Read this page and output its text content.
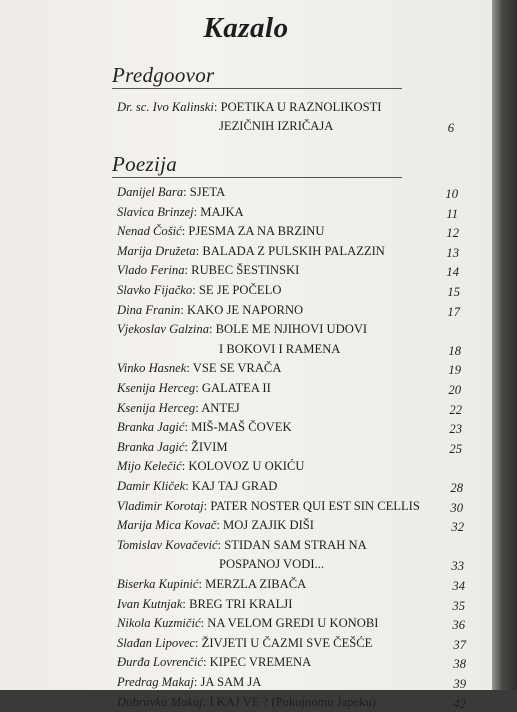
Kazalo
Predgoovor
Dr. sc. Ivo Kalinski: POETIKA U RAZNOLIKOSTI
JEZIČNIH IZRIČAJA	6
Poezija
Danijel Bara: SJETA	10
Slavica Brinzej: MAJKA	11
Nenad Čošić: PJESMA ZA NA BRZINU	12
Marija Družeta: BALADA Z PULSKIH PALAZZIN	13
Vlado Ferina: RUBEC ŠESTINSKI	14
Slavko Fijačko: SE JE POČELO	15
Dina Franin: KAKO JE NAPORNO	17
Vjekoslav Galzina: BOLE ME NJIHOVI UDOVI
I BOKOVI I RAMENA	18
Vinko Hasnek: VSE SE VRAČA	19
Ksenija Herceg: GALATEA II	20
Ksenija Herceg: ANTEJ	22
Branka Jagić: MIŠ-MAŠ ČOVEK	23
Branka Jagić: ŽIVIM	25
Mijo Kelečić: KOLOVOZ U OKIĆU
Damir Kliček: KAJ TAJ GRAD	28
Vladimir Korotaj: PATER NOSTER QUI EST SIN CELLIS	30
Marija Mica Kovač: MOJ ZAJIK DIŠI	32
Tomislav Kovačević: STIDAN SAM STRAH NA
POSPANOJ VODI...	33
Biserka Kupinić: MERZLA ZIBAČA	34
Ivan Kutnjak: BREG TRI KRALJI	35
Nikola Kuzmičić: NA VELOM GREDI U KONOBI	36
Slađan Lipovec: ŽIVJETI U ČAZMI SVE ČEŠĆE	37
Đurđa Lovrenčić: KIPEC VREMENA	38
Predrag Makaj: JA SAM JA	39
Dubravka Makaj: I KAJ VE ? (Pokojnomu Japeku)	42
